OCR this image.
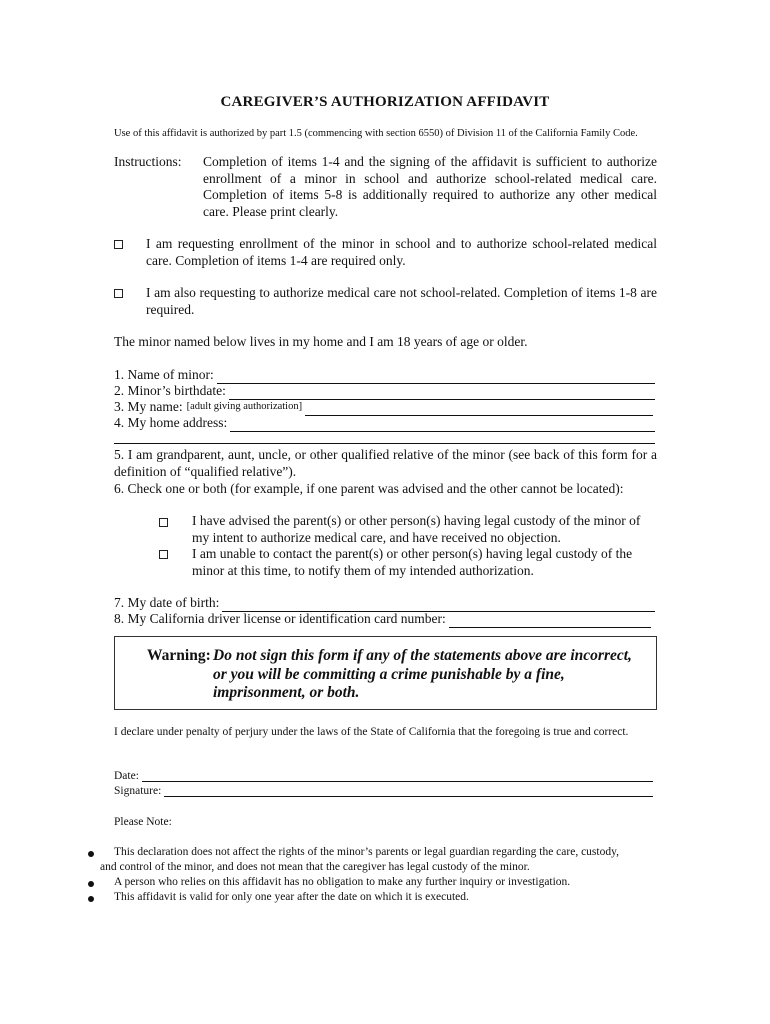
CAREGIVER’S AUTHORIZATION AFFIDAVIT
Use of this affidavit is authorized by part 1.5 (commencing with section 6550) of Division 11 of the California Family Code.
Instructions: Completion of items 1-4 and the signing of the affidavit is sufficient to authorize enrollment of a minor in school and authorize school-related medical care. Completion of items 5-8 is additionally required to authorize any other medical care. Please print clearly.
I am requesting enrollment of the minor in school and to authorize school-related medical care. Completion of items 1-4 are required only.
I am also requesting to authorize medical care not school-related. Completion of items 1-8 are required.
The minor named below lives in my home and I am 18 years of age or older.
1. Name of minor:
2. Minor’s birthdate:
3. My name: [adult giving authorization]
4. My home address:
5. I am grandparent, aunt, uncle, or other qualified relative of the minor (see back of this form for a definition of “qualified relative”).
6. Check one or both (for example, if one parent was advised and the other cannot be located):
I have advised the parent(s) or other person(s) having legal custody of the minor of my intent to authorize medical care, and have received no objection.
I am unable to contact the parent(s) or other person(s) having legal custody of the minor at this time, to notify them of my intended authorization.
7. My date of birth:
8. My California driver license or identification card number:
Warning: Do not sign this form if any of the statements above are incorrect, or you will be committing a crime punishable by a fine, imprisonment, or both.
I declare under penalty of perjury under the laws of the State of California that the foregoing is true and correct.
Date:
Signature:
Please Note:
This declaration does not affect the rights of the minor’s parents or legal guardian regarding the care, custody, and control of the minor, and does not mean that the caregiver has legal custody of the minor.
A person who relies on this affidavit has no obligation to make any further inquiry or investigation.
This affidavit is valid for only one year after the date on which it is executed.
